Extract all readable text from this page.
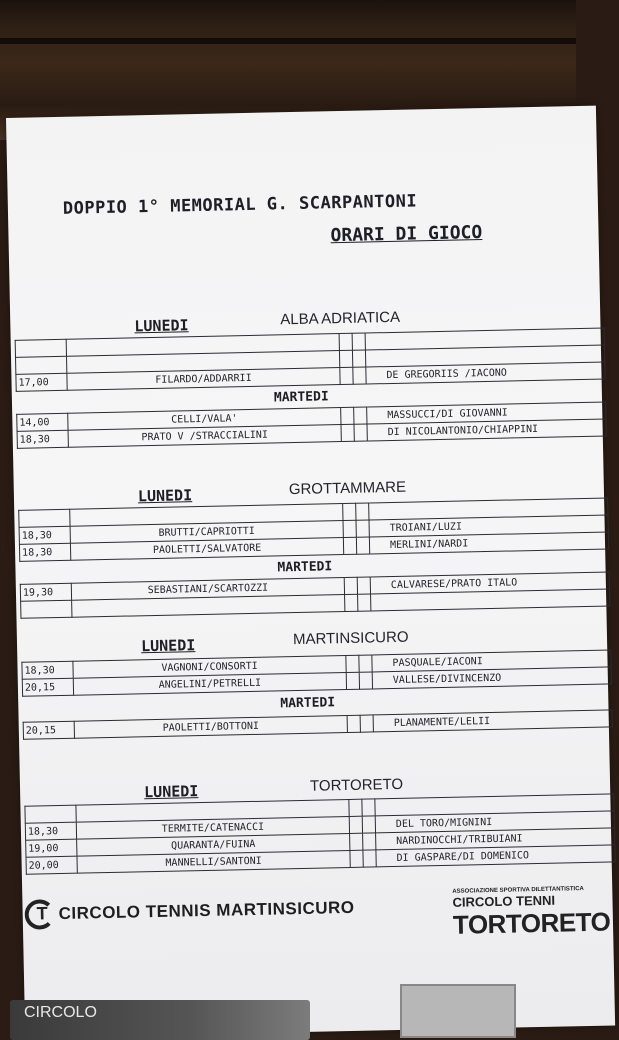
DOPPIO 1° MEMORIAL G. SCARPANTONI
ORARI DI GIOCO
LUNEDI	ALBA ADRIATICA

17,00	FILARDO/ADDARRII			DE GREGORIIS /IACONO
MARTEDI
14,00	CELLI/VALA'			MASSUCCI/DI GIOVANNI
18,30	PRATO V /STRACCIALINI			DI NICOLANTONIO/CHIAPPINI
LUNEDI	GROTTAMMARE

18,30	BRUTTI/CAPRIOTTI			TROIANI/LUZI
18,30	PAOLETTI/SALVATORE			MERLINI/NARDI
MARTEDI
19,30	SEBASTIANI/SCARTOZZI			CALVARESE/PRATO ITALO

LUNEDI	MARTINSICURO
18,30	VAGNONI/CONSORTI			PASQUALE/IACONI
20,15	ANGELINI/PETRELLI			VALLESE/DIVINCENZO
MARTEDI
20,15	PAOLETTI/BOTTONI			PLANAMENTE/LELII
LUNEDI	TORTORETO

18,30	TERMITE/CATENACCI			DEL TORO/MIGNINI
19,00	QUARANTA/FUINA			NARDINOCCHI/TRIBUIANI
20,00	MANNELLI/SANTONI			DI GASPARE/DI DOMENICO
T CIRCOLO TENNIS MARTINSICURO
ASSOCIAZIONE SPORTIVA DILETTANTISTICA
CIRCOLO TENNI
TORTORETO
CIRCOLO
